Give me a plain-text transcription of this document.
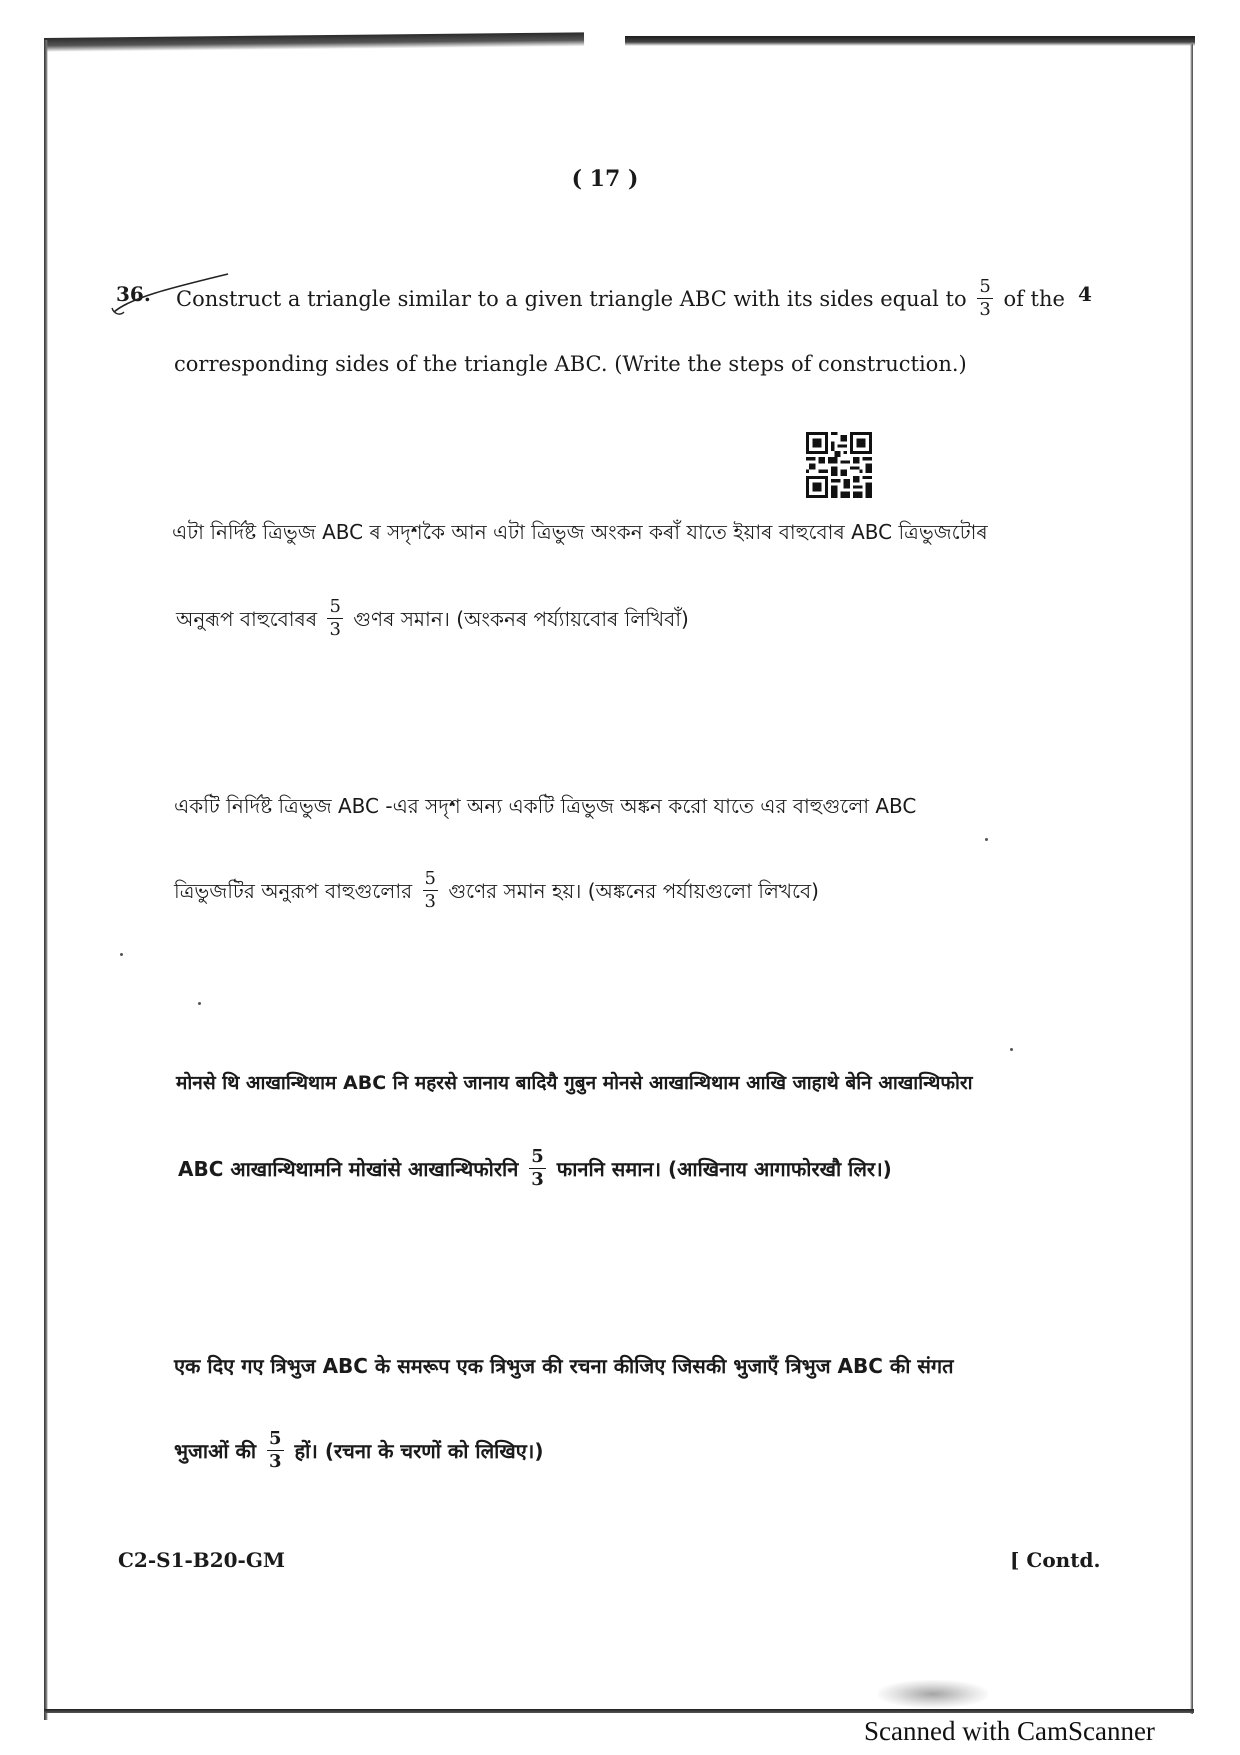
( 17 )
36.	4
Construct a triangle similar to a given triangle ABC with its sides equal to $\frac{5}{3}$ of the
corresponding sides of the triangle ABC. (Write the steps of construction.)
এটা নিৰ্দিষ্ট ত্ৰিভুজ ABC ৰ সদৃশকৈ আন এটা ত্ৰিভুজ অংকন কৰাঁ যাতে ইয়াৰ বাহুবোৰ ABC ত্ৰিভুজটোৰ
অনুৰূপ বাহুবোৰৰ $\frac{5}{3}$ গুণৰ সমান। (অংকনৰ পৰ্য্যায়বোৰ লিখিবাঁ)
একটি নির্দিষ্ট ত্রিভুজ ABC -এর সদৃশ অন্য একটি ত্রিভুজ অঙ্কন করো যাতে এর বাহুগুলো ABC
ত্রিভুজটির অনুরূপ বাহুগুলোর $\frac{5}{3}$ গুণের সমান হয়। (অঙ্কনের পর্যায়গুলো লিখবে)
मोनसे थि आखान्थिथाम ABC नि महरसे जानाय बादियै गुबुन मोनसे आखान्थिथाम आखि जाहाथे बेनि आखान्थिफोरा
ABC आखान्थिथामनि मोखांसे आखान्थिफोरनि $\frac{5}{3}$ फाननि समान। (आखिनाय आगाफोरखौ लिर।)
एक दिए गए त्रिभुज ABC के समरूप एक त्रिभुज की रचना कीजिए जिसकी भुजाएँ त्रिभुज ABC की संगत
भुजाओं की $\frac{5}{3}$ हों। (रचना के चरणों को लिखिए।)
C2-S1-B20-GM	[ Contd.
Scanned with CamScanner
